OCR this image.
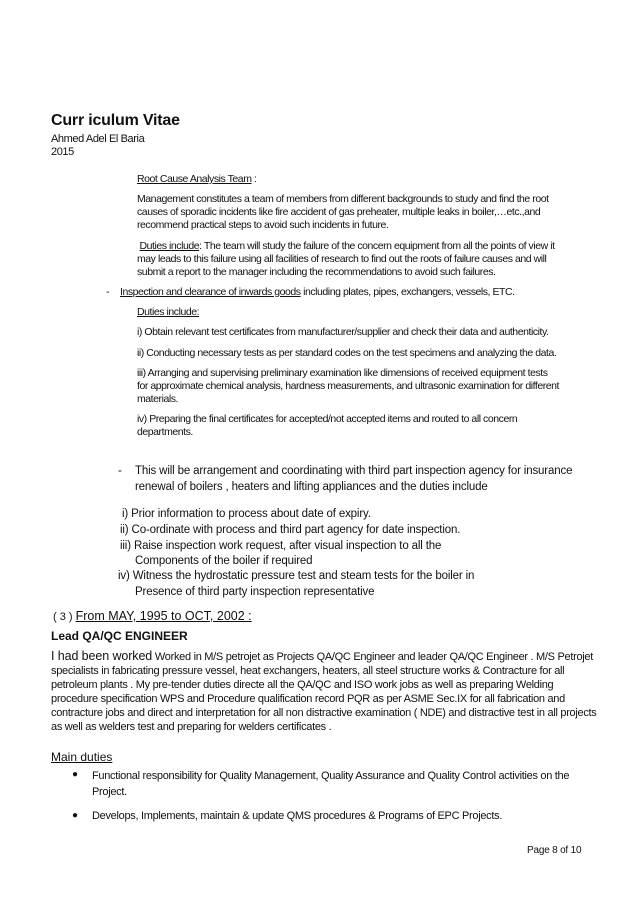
Curr iculum Vitae
Ahmed Adel El Baria
2015
Root Cause Analysis Team :
Management constitutes a team of members from different backgrounds to study and find the root
causes of sporadic incidents like fire accident of gas preheater, multiple leaks in boiler,…etc.,and
recommend practical steps to avoid such incidents in future.
Duties include: The team will study the failure of the concern equipment from all the points of view it
may leads to this failure using all facilities of research to find out the roots of failure causes and will
submit a report to the manager including the recommendations to avoid such failures.
- Inspection and clearance of inwards goods including plates, pipes, exchangers, vessels, ETC.
Duties include:
i) Obtain relevant test certificates from manufacturer/supplier and check their data and authenticity.
ii) Conducting necessary tests as per standard codes on the test specimens and analyzing the data.
iii) Arranging and supervising preliminary examination like dimensions of received equipment tests
for approximate chemical analysis, hardness measurements, and ultrasonic examination for different
materials.
iv) Preparing the final certificates for accepted/not accepted items and routed to all concern
departments.
- This will be arrangement and coordinating with third part inspection agency for insurance
renewal of boilers , heaters and lifting appliances and the duties include
i) Prior information to process about date of expiry.
ii) Co-ordinate with process and third part agency for date inspection.
iii) Raise inspection work request, after visual inspection to all the
Components of the boiler if required
iv) Witness the hydrostatic pressure test and steam tests for the boiler in
Presence of third party inspection representative
( 3 ) From MAY, 1995 to OCT, 2002 :
Lead QA/QC ENGINEER
I had been worked Worked in M/S petrojet as Projects QA/QC Engineer and leader QA/QC Engineer . M/S Petrojet
specialists in fabricating pressure vessel, heat exchangers, heaters, all steel structure works & Contracture for all
petroleum plants . My pre-tender duties directe all the QA/QC and ISO work jobs as well as preparing Welding
procedure specification WPS and Procedure qualification record PQR as per ASME Sec.IX for all fabrication and
contracture jobs and direct and interpretation for all non distractive examination ( NDE) and distractive test in all projects
as well as welders test and preparing for welders certificates .
Main duties
● Functional responsibility for Quality Management, Quality Assurance and Quality Control activities on the
Project.
● Develops, Implements, maintain & update QMS procedures & Programs of EPC Projects.
Page 8 of 10
